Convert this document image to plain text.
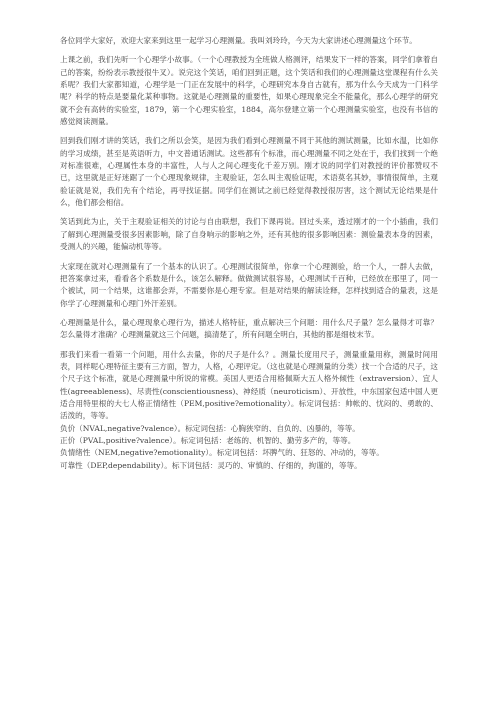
各位同学大家好，欢迎大家来到这里一起学习心理测量。我叫刘玲玲，今天为大家讲述心理测量这个环节。

上课之前，我们先听一个心理学小故事。（一个心理教授为全班做人格测评，结果发下一样的答案，同学们拿着自己的答案，纷纷表示教授很牛叉）。说完这个笑话，咱们回到正题，这个笑话和我们的心理测量这堂课程有什么关系呢？我们大家都知道，心理学是一门正在发展中的科学，心理研究本身自古就有，那为什么今天成为一门科学呢？科学的特点是要量化某种事物。这就是心理测量的重要性，如果心理现象完全不能量化，那么心理学的研究就不会有高转的实验室，1879，第一个心理实验室，1884，高尔登建立第一个心理测量实验室，也没有书信的感觉阅读测量。

回到我们刚才讲的笑话，我们之所以会笑，是因为我们看到心理测量不同于其他的测试测量，比如水温，比如你的学习成绩，甚至是英语听力，中文普通话测试。这些都有个标准，而心理测量不同之处在于，我们找到一个绝对标准很难，心理属性本身的丰富性，人与人之间心理变化千差万别。刚才说的同学们对教授的评价都赞叹不已，这里就是正好迷踞了一个心理现象规律，主观验证，怎么叫主观验证呢，术语莫名其妙，事情很简单，主观验证就是说，我们先有个结论，再寻找证据。同学们在测试之前已经觉得教授很厉害，这个测试无论结果是什么，他们都会相信。

笑话到此为止，关于主观验证相关的讨论与自由联想，我们下课再说。回过头来，透过刚才的一个小插曲，我们了解到心理测量受很多因素影响，除了自身响示的影响之外，还有其他的很多影响因素：测验量表本身的因素，受测人的兴趣，能偏动机等等。

大家现在就对心理测量有了一个基本的认识了。心理测试很简单，你拿一个心理测验，给一个人，一群人去做，把答案拿过来，看看各个系数是什么，该怎么解释。做做测试很容易，心理测试千百种，已经放在那里了，同一个被试，同一个结果，这谁都会弄，不需要你是心理专家。但是对结果的解读诠释，怎样找到适合的量表，这是你学了心理测量和心理门外汗差别。

心理测量是什么，量心理现象心理行为，描述人格特征，重点解决三个问题：用什么尺子量？怎么量得才可靠？怎么量得才准确？心理测量就这三个问题，搞清楚了，所有问题全明白，其他的都是细枝末节。

那我们来看一看第一个问题，用什么去量，你的尺子是什么？。测量长度用尺子，测量重量用称，测量时间用表，同样呢心理特征主要有三方面，智力，人格，心理评定。（这也就是心理测量的分类）找一个合适的尺子，这个尺子这个标准，就是心理测量中所说的常模。美国人更适合用格佩斯大五人格外倾性（extraversion）、宜人性(agreeableness)、尽责性(conscientiousness)、神经质（neuroticism）、开放性，中东国家包适中国人更适合用特里根的大七人格正情绪性（PEM,positive?emotionality）。标定词包括：帅帐的、忧闷的、勇敢的、活泼的，等等。

负价（NVAL,negative?valence）。标定词包括：心胸狭窄的、自负的、凶暴的，等等。

正价（PVAL,positive?valence）。标定词包括：老练的、机智的、勤劳多产的，等等。

负情绪性（NEM,negative?emotionality）。标定词包括：坏脾气的、狂怒的、冲动的，等等。

可靠性（DEP,dependability）。标下词包括：灵巧的、审慎的、仔细的，拘谨的，等等。
